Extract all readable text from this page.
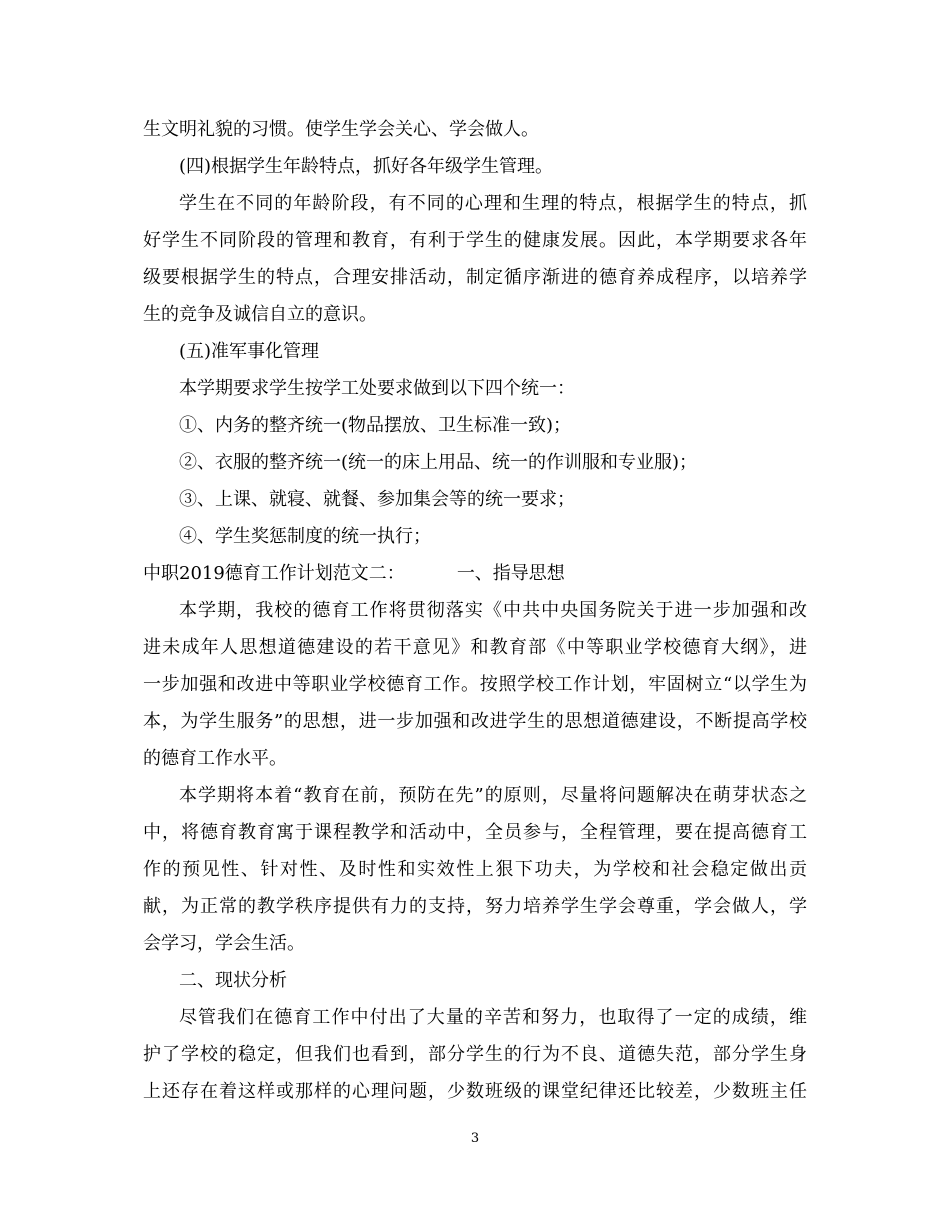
生文明礼貌的习惯。使学生学会关心、学会做人。
(四)根据学生年龄特点，抓好各年级学生管理。
学生在不同的年龄阶段，有不同的心理和生理的特点，根据学生的特点，抓
好学生不同阶段的管理和教育，有利于学生的健康发展。因此，本学期要求各年
级要根据学生的特点，合理安排活动，制定循序渐进的德育养成程序，以培养学
生的竞争及诚信自立的意识。
(五)准军事化管理
本学期要求学生按学工处要求做到以下四个统一：
①、内务的整齐统一(物品摆放、卫生标准一致)；
②、衣服的整齐统一(统一的床上用品、统一的作训服和专业服)；
③、上课、就寝、就餐、参加集会等的统一要求；
④、学生奖惩制度的统一执行；
中职2019德育工作计划范文二：	一、指导思想
本学期，我校的德育工作将贯彻落实《中共中央国务院关于进一步加强和改
进未成年人思想道德建设的若干意见》和教育部《中等职业学校德育大纲》，进
一步加强和改进中等职业学校德育工作。按照学校工作计划，牢固树立“以学生为
本，为学生服务”的思想，进一步加强和改进学生的思想道德建设，不断提高学校
的德育工作水平。
本学期将本着“教育在前，预防在先”的原则，尽量将问题解决在萌芽状态之
中，将德育教育寓于课程教学和活动中，全员参与，全程管理，要在提高德育工
作的预见性、针对性、及时性和实效性上狠下功夫，为学校和社会稳定做出贡
献，为正常的教学秩序提供有力的支持，努力培养学生学会尊重，学会做人，学
会学习，学会生活。
二、现状分析
尽管我们在德育工作中付出了大量的辛苦和努力，也取得了一定的成绩，维
护了学校的稳定，但我们也看到，部分学生的行为不良、道德失范，部分学生身
上还存在着这样或那样的心理问题，少数班级的课堂纪律还比较差，少数班主任
3
